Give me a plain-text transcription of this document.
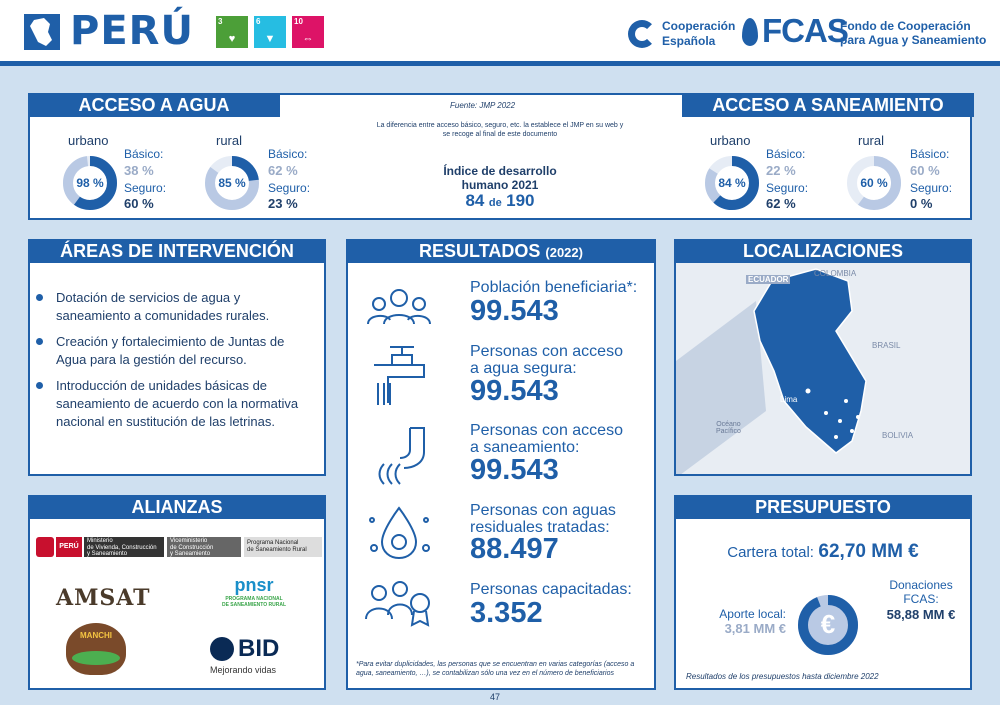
PERÚ	3
♥
6
▼
10
⇔
Cooperación
Española	FCAS
Fondo de Cooperación
para Agua y Saneamiento
ACCESO A AGUA	ACCESO A SANEAMIENTO
Fuente: JMP 2022
La diferencia entre acceso básico, seguro, etc. la establece el JMP en su web y
se recoge al final de este documento
Índice de desarrollo
humano 2021
84 de 190
urbano
98 %
Básico:
38 %
Seguro:
60 %
rural
85 %
Básico:
62 %
Seguro:
23 %
urbano
84 %
Básico:
22 %
Seguro:
62 %
rural
60 %
Básico:
60 %
Seguro:
0 %
ÁREAS DE INTERVENCIÓN
Dotación de servicios de agua y saneamiento a comunidades rurales.
Creación y fortalecimiento de Juntas de Agua para la gestión del recurso.
Introducción de unidades básicas de saneamiento de acuerdo con la normativa nacional en sustitución de las letrinas.
ALIANZAS
PERÚ
Ministerio
de Vivienda, Construcción
y Saneamiento
Viceministerio
de Construcción
y Saneamiento
Programa Nacional
de Saneamiento Rural
AMSAT	pnsr
PROGRAMA NACIONAL
DE SANEAMIENTO RURAL
MANCHI	BID
Mejorando vidas
RESULTADOS (2022)
Población beneficiaria*:
99.543
Personas con acceso
a agua segura:
99.543
Personas con acceso
a saneamiento:
99.543
Personas con aguas
residuales tratadas:
88.497
Personas capacitadas:
3.352
*Para evitar duplicidades, las personas que se encuentran en varias categorías (acceso a
agua, saneamiento, …), se contabilizan sólo una vez en el número de beneficiarios
LOCALIZACIONES
ECUADOR
COLOMBIA
BRASIL
BOLIVIA
Lima
Océano
Pacífico
PRESUPUESTO
Cartera total: 62,70 MM €
Aporte local:
3,81 MM €	€
Donaciones
FCAS:
58,88 MM €
Resultados de los presupuestos hasta diciembre 2022
47
